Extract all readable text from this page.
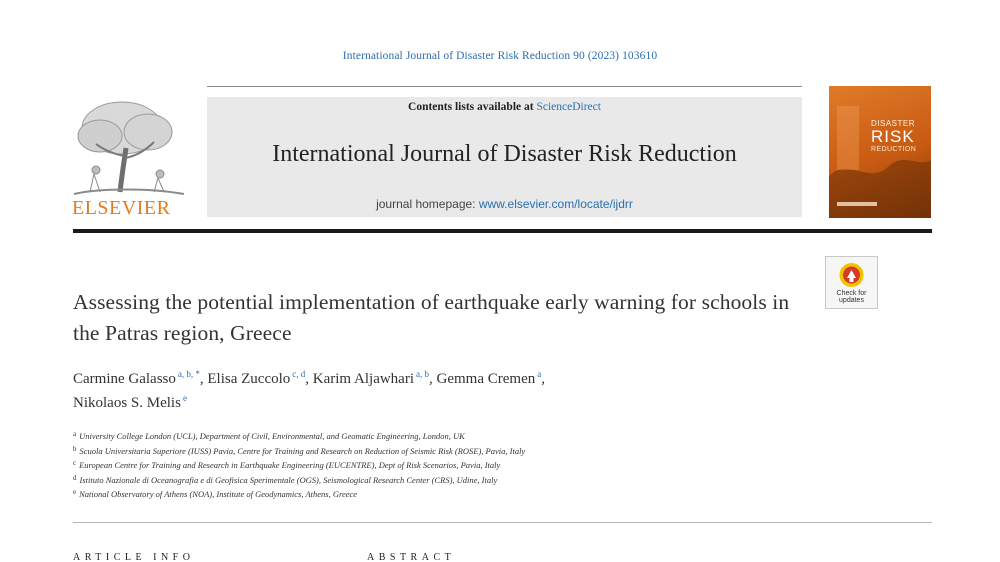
International Journal of Disaster Risk Reduction 90 (2023) 103610
ELSEVIER
Contents lists available at ScienceDirect
International Journal of Disaster Risk Reduction
journal homepage: www.elsevier.com/locate/ijdrr
DISASTER
RISK
REDUCTION
Check for
updates
Assessing the potential implementation of earthquake early warning for schools in the Patras region, Greece
Carmine Galasso $^{a, b, *}$, Elisa Zuccolo $^{c, d}$, Karim Aljawhari $^{a, b}$, Gemma Cremen $^a$,
Nikolaos S. Melis $^e$
$^a$ University College London (UCL), Department of Civil, Environmental, and Geomatic Engineering, London, UK
$^b$ Scuola Universitaria Superiore (IUSS) Pavia, Centre for Training and Research on Reduction of Seismic Risk (ROSE), Pavia, Italy
$^c$ European Centre for Training and Research in Earthquake Engineering (EUCENTRE), Dept of Risk Scenarios, Pavia, Italy
$^d$ Istituto Nazionale di Oceanografia e di Geofisica Sperimentale (OGS), Seismological Research Center (CRS), Udine, Italy
$^e$ National Observatory of Athens (NOA), Institute of Geodynamics, Athens, Greece
ARTICLE INFO	ABSTRACT
